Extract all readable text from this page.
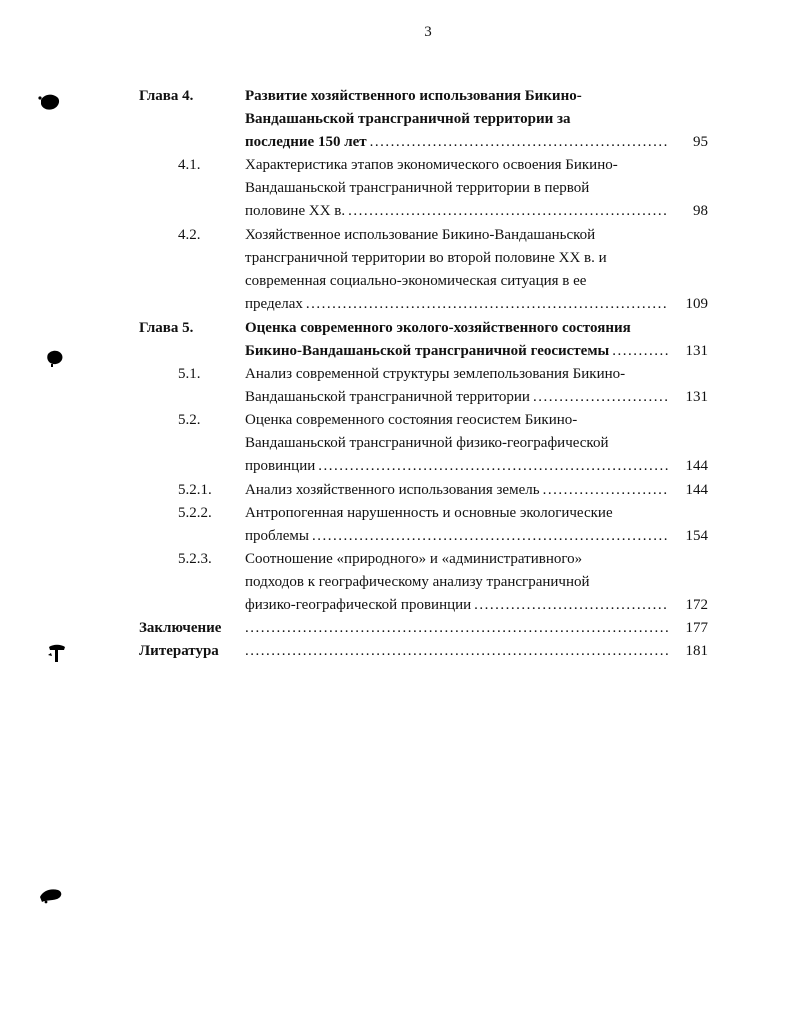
3
Глава 4.	Развитие хозяйственного использования Бикино-
Вандашаньской трансграничной территории за
последние 150 лет .....	95
4.1.	Характеристика этапов экономического освоения Бикино-
Вандашаньской трансграничной территории в первой
половине XX в. .....	98
4.2.	Хозяйственное использование Бикино-Вандашаньской
трансграничной территории во второй половине XX в. и
современная социально-экономическая ситуация в ее
пределах .....	109
Глава 5.	Оценка современного эколого-хозяйственного состояния
Бикино-Вандашаньской трансграничной геосистемы .....	131
5.1.	Анализ современной структуры землепользования Бикино-
Вандашаньской трансграничной территории .....	131
5.2.	Оценка современного состояния геосистем Бикино-
Вандашаньской трансграничной физико-географической
провинции .....	144
5.2.1. Анализ хозяйственного использования земель .....	144
5.2.2. Антропогенная нарушенность и основные экологические
проблемы .....	154
5.2.3. Соотношение «природного» и «административного»
подходов к географическому анализу трансграничной
физико-географической провинции .....	172
Заключение .....	177
Литература .....	181
